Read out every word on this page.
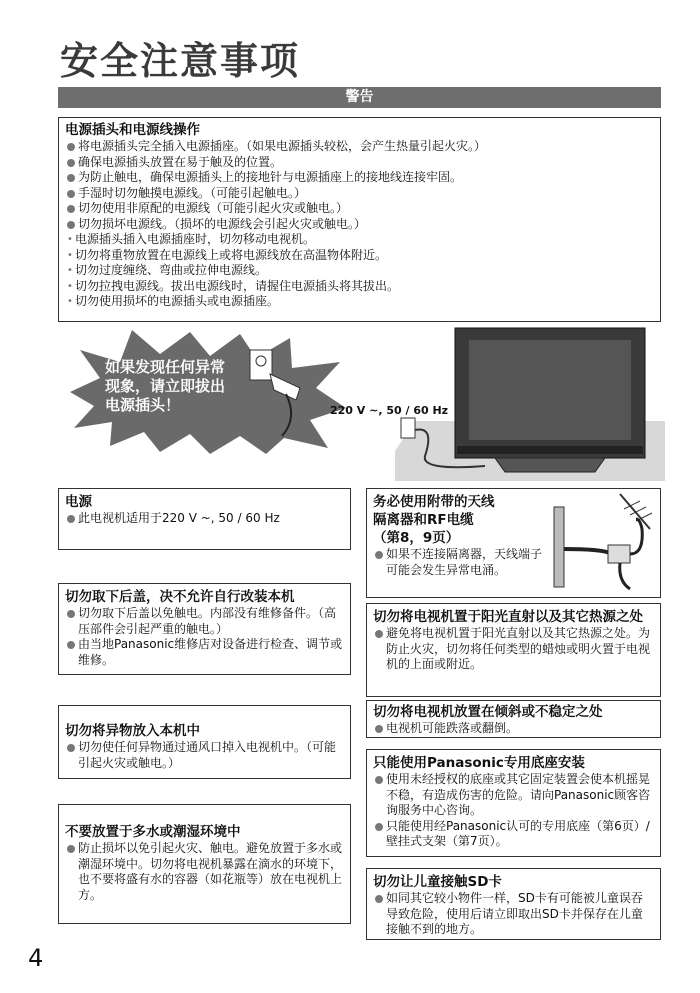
安全注意事项
警告
电源插头和电源线操作
将电源插头完全插入电源插座。（如果电源插头较松，会产生热量引起火灾。）
确保电源插头放置在易于触及的位置。
为防止触电，确保电源插头上的接地针与电源插座上的接地线连接牢固。
手湿时切勿触摸电源线。（可能引起触电。）
切勿使用非原配的电源线（可能引起火灾或触电。）
切勿损坏电源线。（损坏的电源线会引起火灾或触电。）
• 电源插头插入电源插座时，切勿移动电视机。
• 切勿将重物放置在电源线上或将电源线放在高温物体附近。
• 切勿过度缠绕、弯曲或拉伸电源线。
• 切勿拉拽电源线。拔出电源线时，请握住电源插头将其拔出。
• 切勿使用损坏的电源插头或电源插座。
如果发现任何异常
现象，请立即拔出
电源插头！	220 V ~, 50 / 60 Hz
电源
此电视机适用于220 V ~, 50 / 60 Hz
切勿取下后盖，决不允许自行改装本机
切勿取下后盖以免触电。内部没有维修备件。（高压部件会引起严重的触电。）
由当地Panasonic维修店对设备进行检查、调节或维修。
切勿将异物放入本机中
切勿使任何异物通过通风口掉入电视机中。（可能引起火灾或触电。）
不要放置于多水或潮湿环境中
防止损坏以免引起火灾、触电。避免放置于多水或潮湿环境中。切勿将电视机暴露在滴水的环境下，也不要将盛有水的容器（如花瓶等）放在电视机上方。
务必使用附带的天线
隔离器和RF电缆
（第8，9页）
如果不连接隔离器，天线端子可能会发生异常电涌。
切勿将电视机置于阳光直射以及其它热源之处
避免将电视机置于阳光直射以及其它热源之处。为防止火灾，切勿将任何类型的蜡烛或明火置于电视机的上面或附近。
切勿将电视机放置在倾斜或不稳定之处
电视机可能跌落或翻倒。
只能使用Panasonic专用底座安装
使用未经授权的底座或其它固定装置会使本机摇晃不稳，有造成伤害的危险。请向Panasonic顾客咨询服务中心咨询。
只能使用经Panasonic认可的专用底座（第6页）/ 壁挂式支架（第7页）。
切勿让儿童接触SD卡
如同其它较小物件一样，SD卡有可能被儿童误吞导致危险，使用后请立即取出SD卡并保存在儿童接触不到的地方。
4
